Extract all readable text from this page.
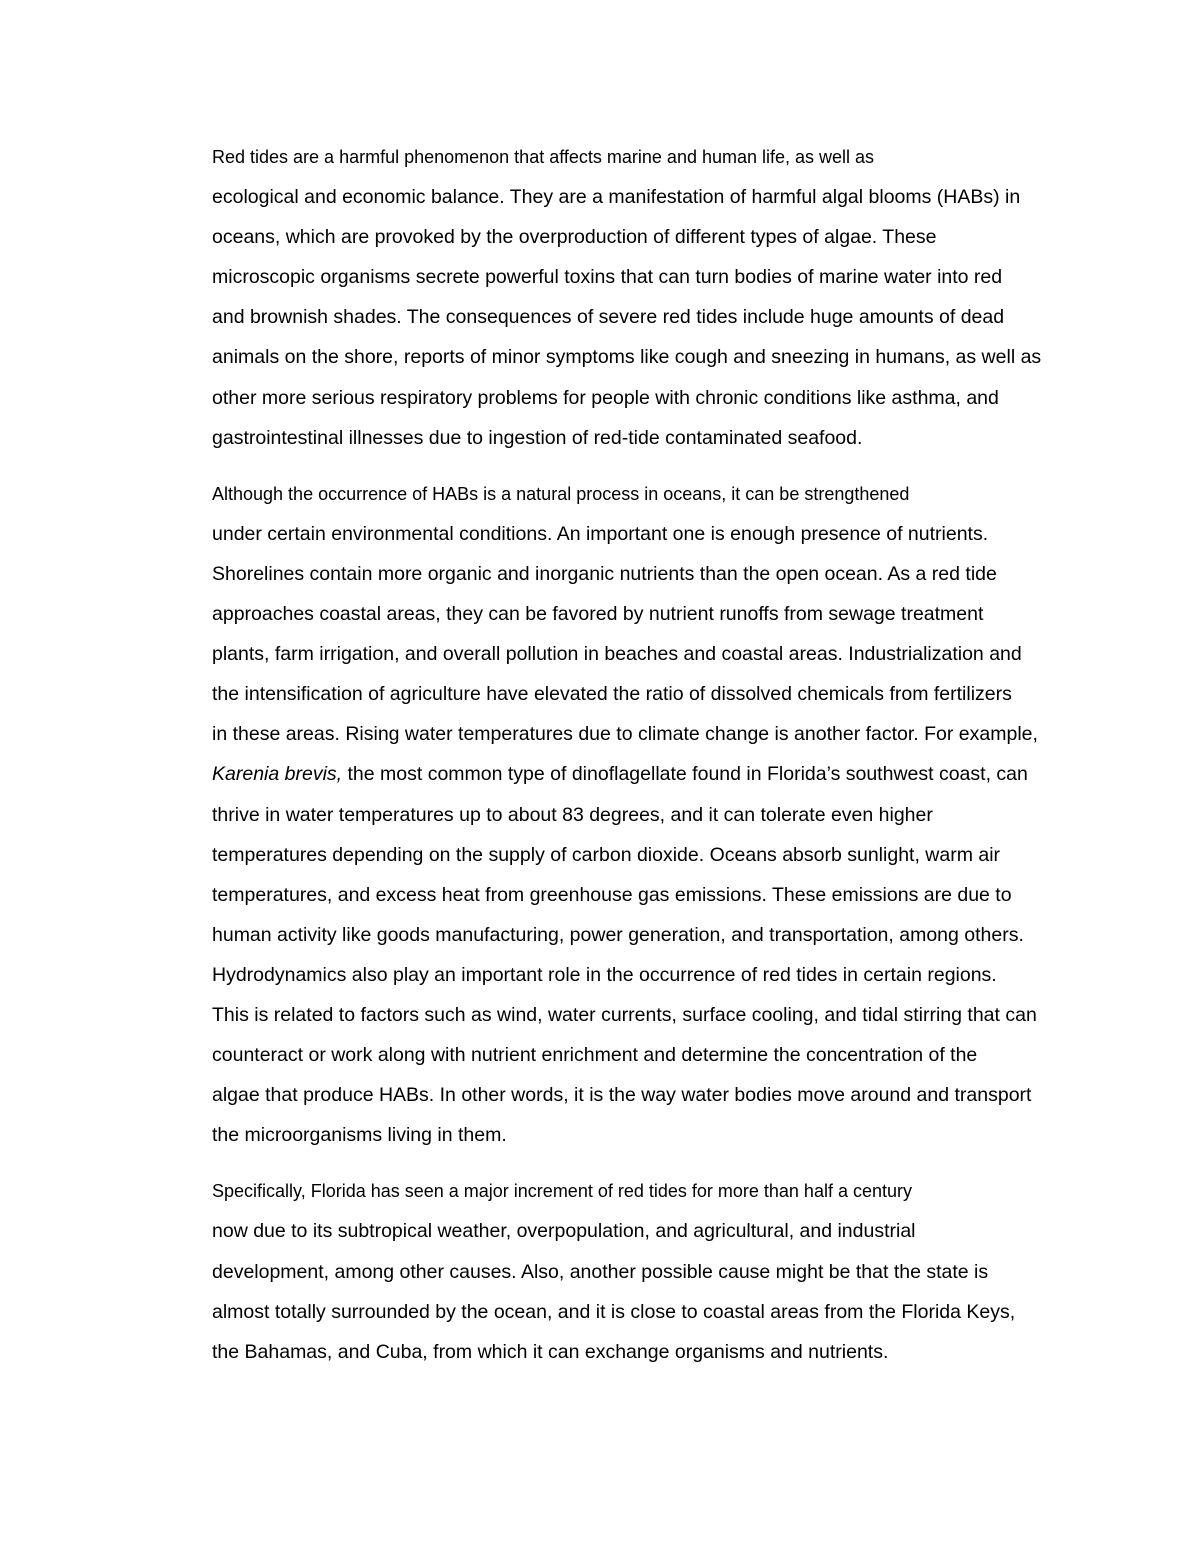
Red tides are a harmful phenomenon that affects marine and human life, as well as
ecological and economic balance. They are a manifestation of harmful algal blooms (HABs) in
oceans, which are provoked by the overproduction of different types of algae. These
microscopic organisms secrete powerful toxins that can turn bodies of marine water into red
and brownish shades. The consequences of severe red tides include huge amounts of dead
animals on the shore, reports of minor symptoms like cough and sneezing in humans, as well as
other more serious respiratory problems for people with chronic conditions like asthma, and
gastrointestinal illnesses due to ingestion of red-tide contaminated seafood.

Although the occurrence of HABs is a natural process in oceans, it can be strengthened
under certain environmental conditions. An important one is enough presence of nutrients.
Shorelines contain more organic and inorganic nutrients than the open ocean. As a red tide
approaches coastal areas, they can be favored by nutrient runoffs from sewage treatment
plants, farm irrigation, and overall pollution in beaches and coastal areas. Industrialization and
the intensification of agriculture have elevated the ratio of dissolved chemicals from fertilizers
in these areas. Rising water temperatures due to climate change is another factor. For example,
Karenia brevis, the most common type of dinoflagellate found in Florida’s southwest coast, can
thrive in water temperatures up to about 83 degrees, and it can tolerate even higher
temperatures depending on the supply of carbon dioxide. Oceans absorb sunlight, warm air
temperatures, and excess heat from greenhouse gas emissions. These emissions are due to
human activity like goods manufacturing, power generation, and transportation, among others.
Hydrodynamics also play an important role in the occurrence of red tides in certain regions.
This is related to factors such as wind, water currents, surface cooling, and tidal stirring that can
counteract or work along with nutrient enrichment and determine the concentration of the
algae that produce HABs. In other words, it is the way water bodies move around and transport
the microorganisms living in them.

Specifically, Florida has seen a major increment of red tides for more than half a century
now due to its subtropical weather, overpopulation, and agricultural, and industrial
development, among other causes. Also, another possible cause might be that the state is
almost totally surrounded by the ocean, and it is close to coastal areas from the Florida Keys,
the Bahamas, and Cuba, from which it can exchange organisms and nutrients.
